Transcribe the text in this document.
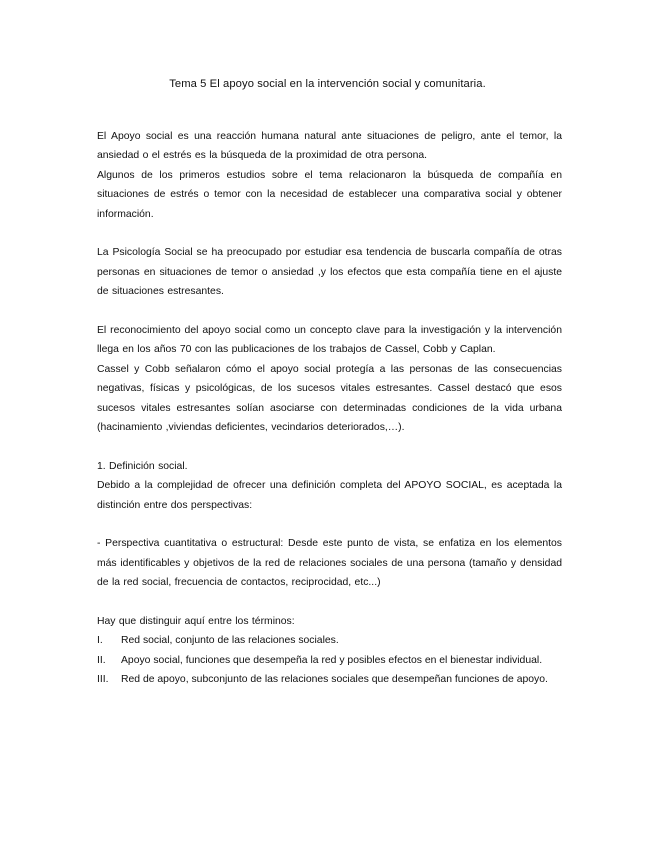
Tema 5 El apoyo social en la intervención social y comunitaria.

El Apoyo social es una reacción humana natural ante situaciones de peligro, ante el temor, la ansiedad o el estrés es la búsqueda de la proximidad de otra persona.

Algunos de los primeros estudios sobre el tema relacionaron la búsqueda de compañía en situaciones de estrés o temor con la necesidad de establecer una comparativa social y obtener información.

La Psicología Social se ha preocupado por estudiar esa tendencia de buscarla compañía de otras personas en situaciones de temor o ansiedad ,y los efectos que esta compañía tiene en el ajuste de situaciones estresantes.

El reconocimiento del apoyo social como un concepto clave para la investigación y la intervención llega en los años 70 con las publicaciones de los trabajos de Cassel, Cobb y Caplan.

Cassel y Cobb señalaron cómo el apoyo social protegía a las personas de las consecuencias negativas, físicas y psicológicas, de los sucesos vitales estresantes. Cassel destacó que esos sucesos vitales estresantes solían asociarse con determinadas condiciones de la vida urbana (hacinamiento ,viviendas deficientes, vecindarios deteriorados,…).

1. Definición social.

Debido a la complejidad de ofrecer una definición completa del APOYO SOCIAL, es aceptada la distinción entre dos perspectivas:

- Perspectiva cuantitativa o estructural: Desde este punto de vista, se enfatiza en los elementos más identificables y objetivos de la red de relaciones sociales de una persona (tamaño y densidad de la red social, frecuencia de contactos, reciprocidad, etc...)

Hay que distinguir aquí entre los términos:

I. Red social, conjunto de las relaciones sociales.
II. Apoyo social, funciones que desempeña la red y posibles efectos en el bienestar individual.
III. Red de apoyo, subconjunto de las relaciones sociales que desempeñan funciones de apoyo.
